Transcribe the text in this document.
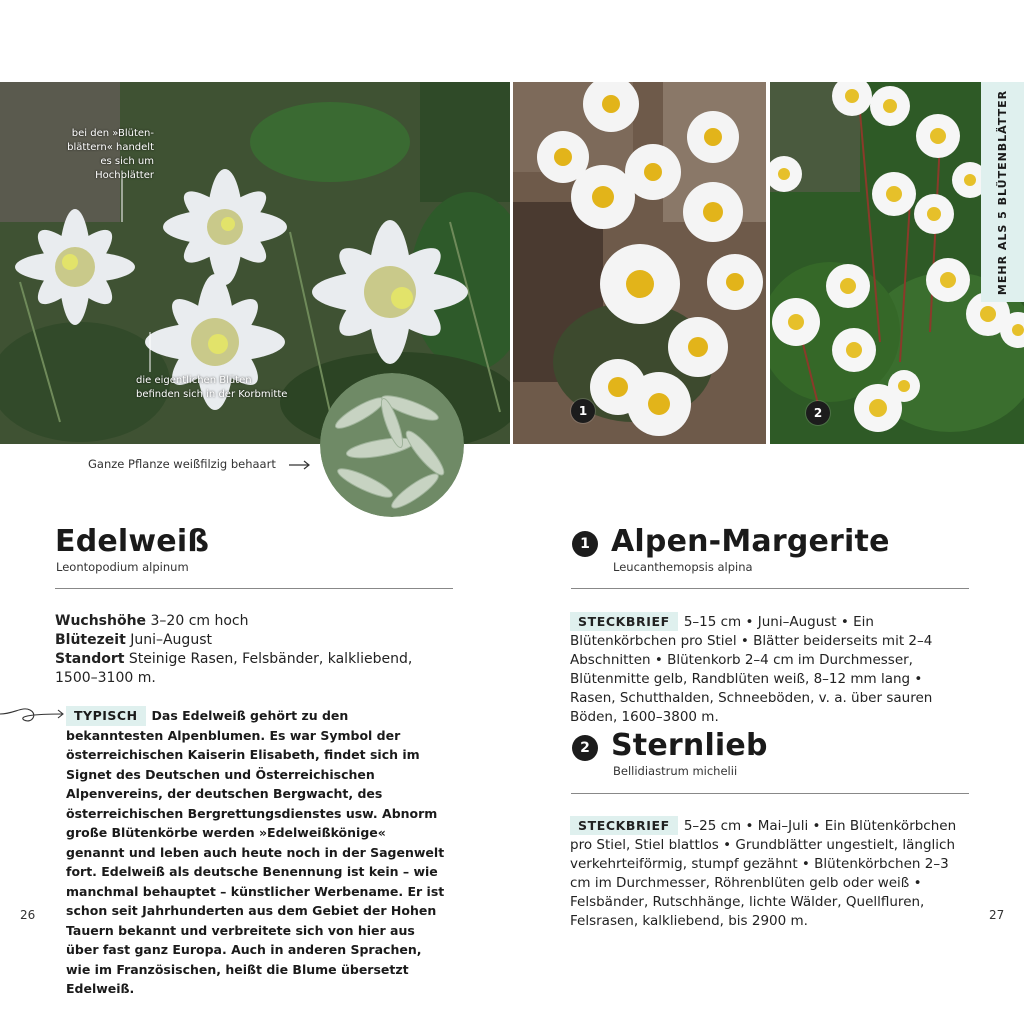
bei den »Blüten-blättern« handelt es sich um Hochblätter
die eigentlichen Blüten befinden sich in der Korbmitte
1	2
MEHR ALS 5 BLÜTENBLÄTTER
Ganze Pflanze weißfilzig behaart
Edelweiß
Leontopodium alpinum
Wuchshöhe 3–20 cm hoch
Blütezeit Juni–August
Standort Steinige Rasen, Felsbänder, kalkliebend, 1500–3100 m.
TYPISCH Das Edelweiß gehört zu den bekanntesten Alpenblumen. Es war Symbol der österreichischen Kaiserin Elisabeth, findet sich im Signet des Deutschen und Österreichischen Alpenvereins, der deutschen Bergwacht, des österreichischen Bergrettungsdienstes usw. Abnorm große Blütenkörbe werden »Edelweißkönige« genannt und leben auch heute noch in der Sagenwelt fort. Edelweiß als deutsche Benennung ist kein – wie manchmal behauptet – künstlicher Werbename. Er ist schon seit Jahrhunderten aus dem Gebiet der Hohen Tauern bekannt und verbreitete sich von hier aus über fast ganz Europa. Auch in anderen Sprachen, wie im Französischen, heißt die Blume übersetzt Edelweiß.
26
1 Alpen-Margerite
Leucanthemopsis alpina
STECKBRIEF 5–15 cm • Juni–August • Ein Blütenkörbchen pro Stiel • Blätter beiderseits mit 2–4 Abschnitten • Blütenkorb 2–4 cm im Durchmesser, Blütenmitte gelb, Randblüten weiß, 8–12 mm lang • Rasen, Schutthalden, Schneeböden, v. a. über sauren Böden, 1600–3800 m.
2 Sternlieb
Bellidiastrum michelii
STECKBRIEF 5–25 cm • Mai–Juli • Ein Blütenkörbchen pro Stiel, Stiel blattlos • Grundblätter ungestielt, länglich verkehrteiförmig, stumpf gezähnt • Blütenkörbchen 2–3 cm im Durchmesser, Röhrenblüten gelb oder weiß • Felsbänder, Rutschhänge, lichte Wälder, Quellfluren, Felsrasen, kalkliebend, bis 2900 m.	27
